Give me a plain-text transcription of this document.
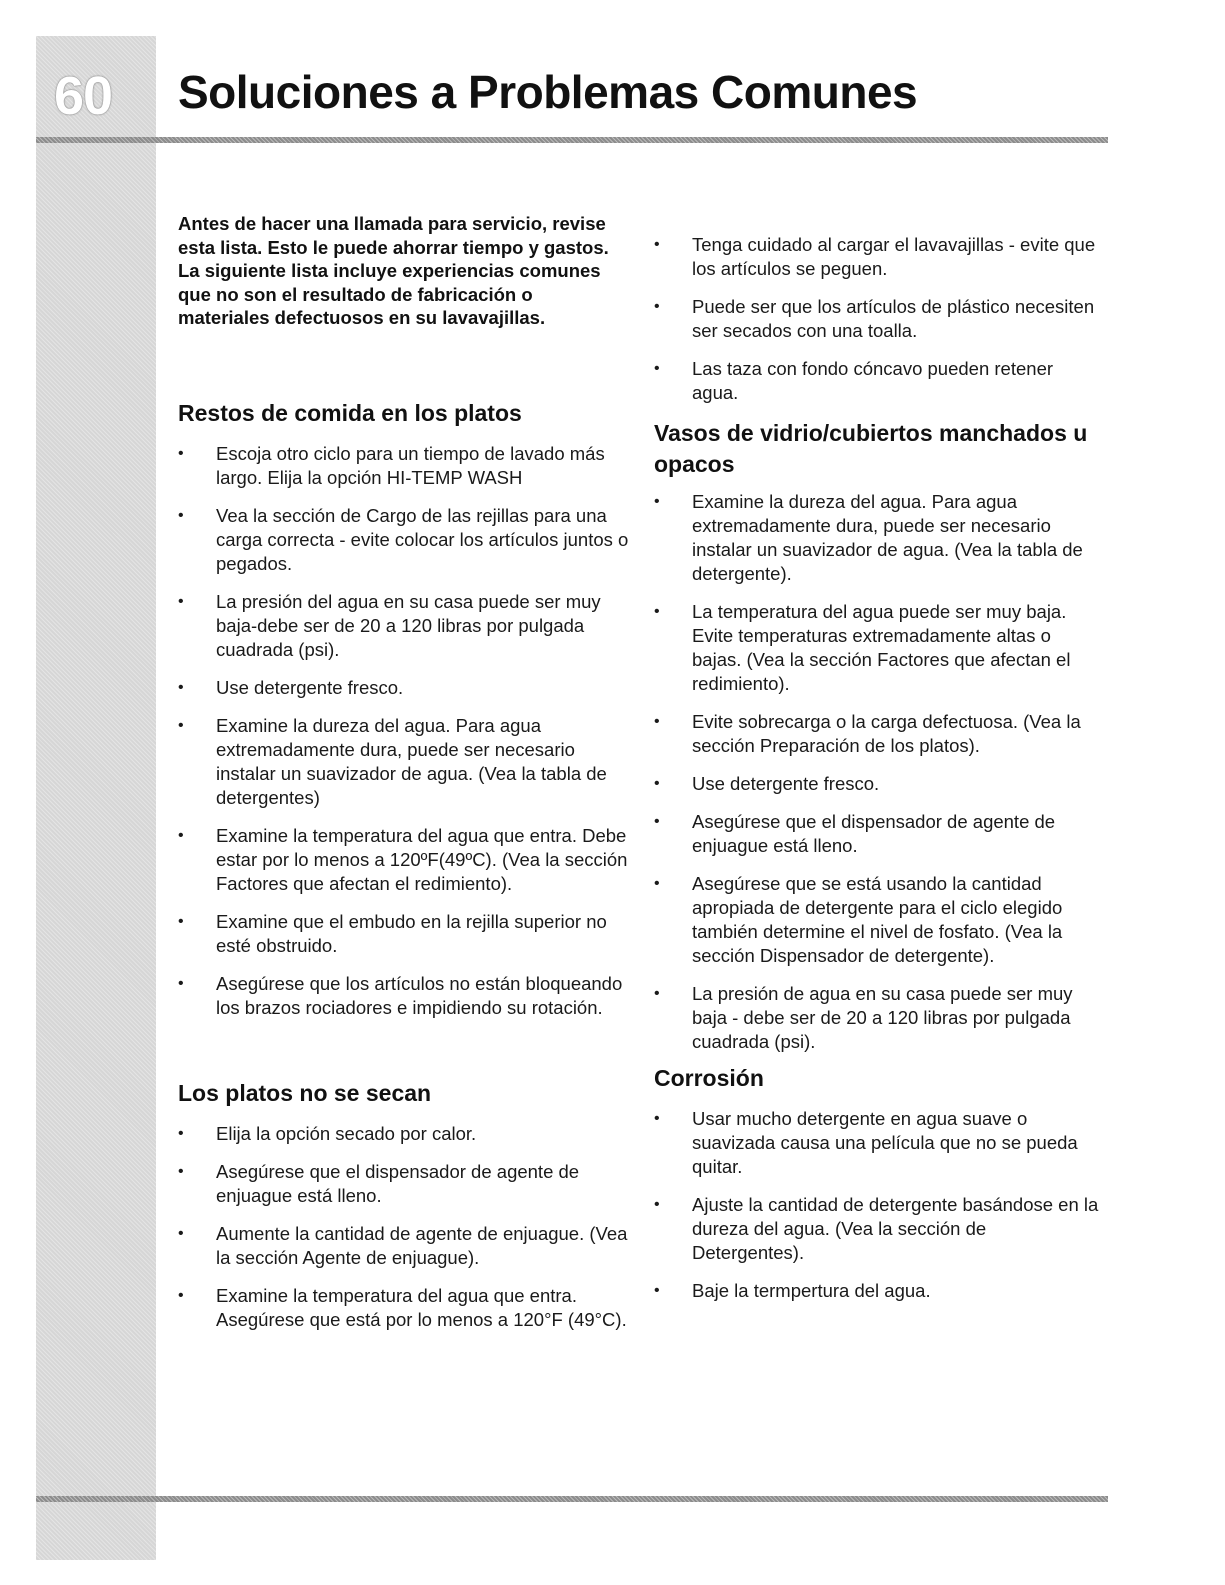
60 Soluciones a Problemas Comunes

Antes de hacer una llamada para servicio, revise esta lista. Esto le puede ahorrar tiempo y gastos. La siguiente lista incluye experiencias comunes que no son el resultado de fabricación o materiales defectuosos en su lavavajillas.

Restos de comida en los platos
• Escoja otro ciclo para un tiempo de lavado más largo. Elija la opción HI-TEMP WASH
• Vea la sección de Cargo de las rejillas para una carga correcta - evite colocar los artículos juntos o pegados.
• La presión del agua en su casa puede ser muy baja-debe ser de 20 a 120 libras por pulgada cuadrada (psi).
• Use detergente fresco.
• Examine la dureza del agua. Para agua extremadamente dura, puede ser necesario instalar un suavizador de agua. (Vea la tabla de detergentes)
• Examine la temperatura del agua que entra. Debe estar por lo menos a 120ºF(49ºC). (Vea la sección Factores que afectan el redimiento).
• Examine que el embudo en la rejilla superior no esté obstruido.
• Asegúrese que los artículos no están bloqueando los brazos rociadores e impidiendo su rotación.
Los platos no se secan
• Elija la opción secado por calor.
• Asegúrese que el dispensador de agente de enjuague está lleno.
• Aumente la cantidad de agente de enjuague. (Vea la sección Agente de enjuague).
• Examine la temperatura del agua que entra. Asegúrese que está por lo menos a 120°F (49°C).
• Tenga cuidado al cargar el lavavajillas - evite que los artículos se peguen.
• Puede ser que los artículos de plástico necesiten ser secados con una toalla.
• Las taza con fondo cóncavo pueden retener agua.
Vasos de vidrio/cubiertos manchados u opacos
• Examine la dureza del agua. Para agua extremadamente dura, puede ser necesario instalar un suavizador de agua. (Vea la tabla de detergente).
• La temperatura del agua puede ser muy baja. Evite temperaturas extremadamente altas o bajas. (Vea la sección Factores que afectan el redimiento).
• Evite sobrecarga o la carga defectuosa. (Vea la sección Preparación de los platos).
• Use detergente fresco.
• Asegúrese que el dispensador de agente de enjuague está lleno.
• Asegúrese que se está usando la cantidad apropiada de detergente para el ciclo elegido también determine el nivel de fosfato. (Vea la sección Dispensador de detergente).
• La presión de agua en su casa puede ser muy baja - debe ser de 20 a 120 libras por pulgada cuadrada (psi).
Corrosión
• Usar mucho detergente en agua suave o suavizada causa una película que no se pueda quitar.
• Ajuste la cantidad de detergente basándose en la dureza del agua. (Vea la sección de Detergentes).
• Baje la termpertura del agua.
